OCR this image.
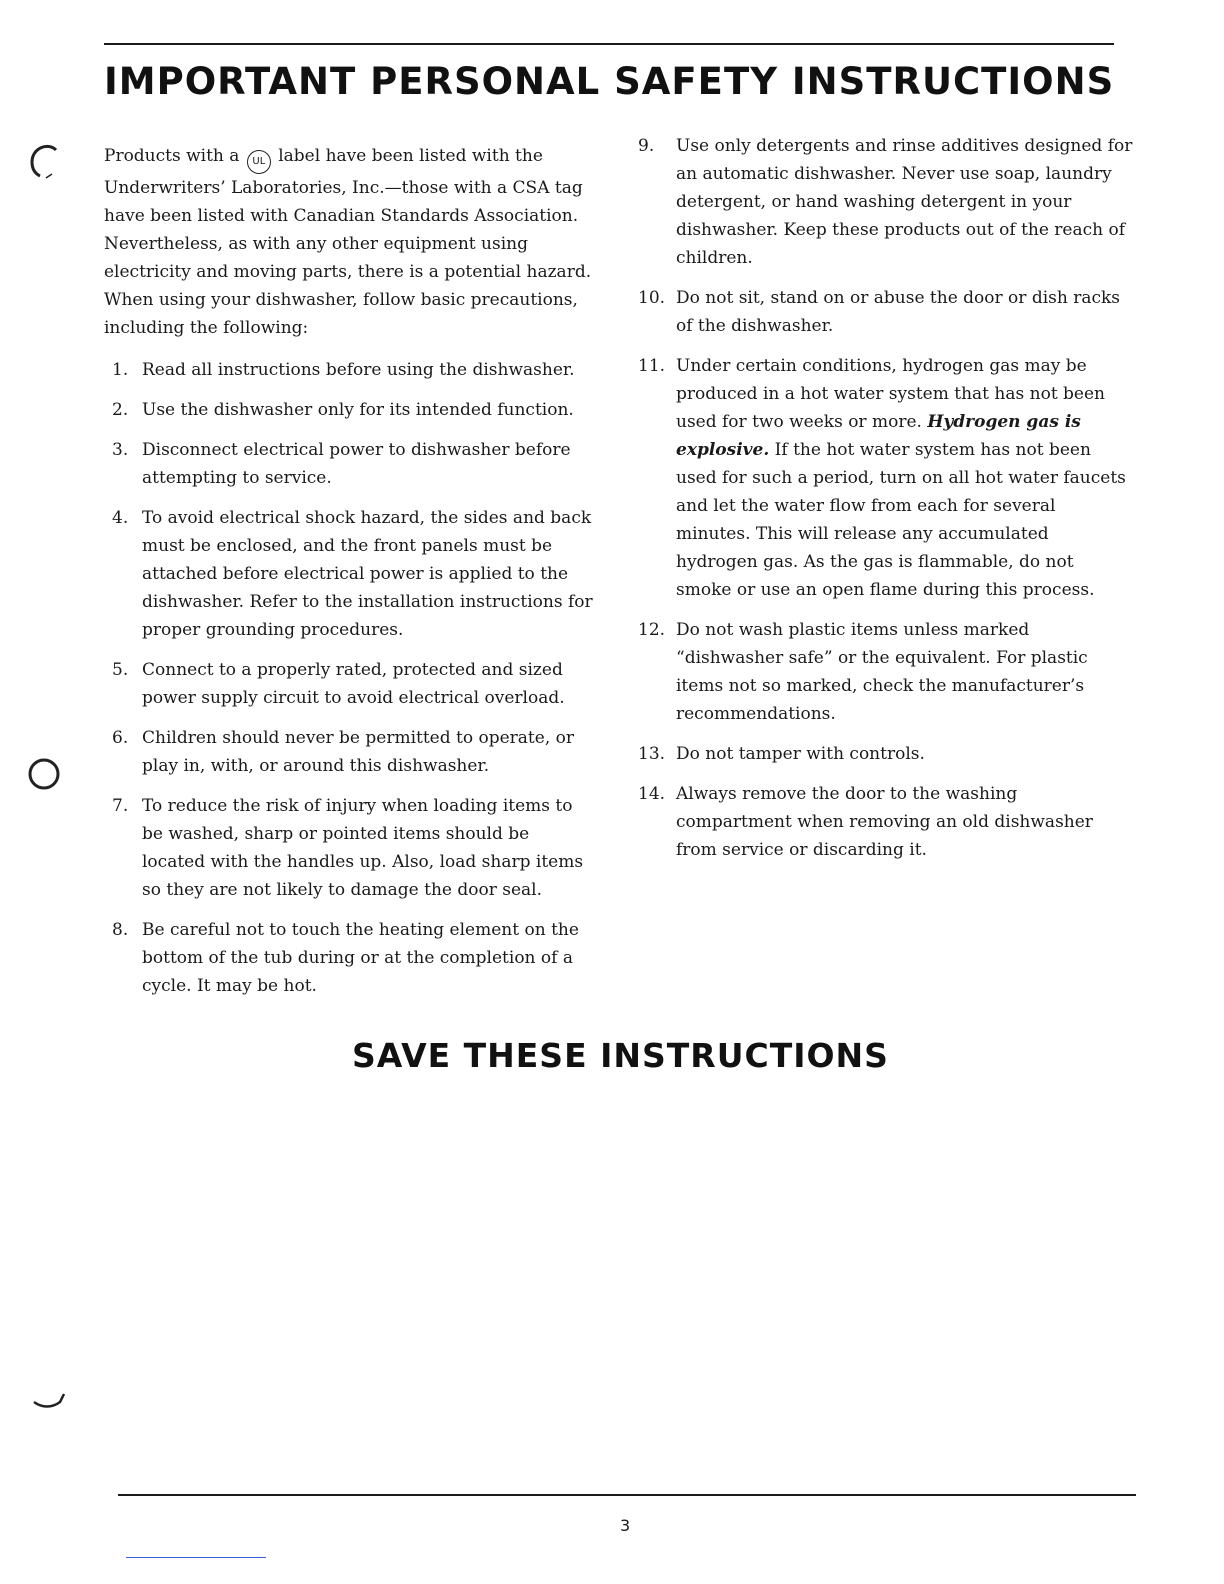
IMPORTANT PERSONAL SAFETY INSTRUCTIONS

Products with a UL label have been listed with the Underwriters’ Laboratories, Inc.—those with a CSA tag have been listed with Canadian Standards Association. Nevertheless, as with any other equipment using electricity and moving parts, there is a potential hazard. When using your dishwasher, follow basic precautions, including the following:

1. Read all instructions before using the dishwasher.
2. Use the dishwasher only for its intended function.
3. Disconnect electrical power to dishwasher before attempting to service.
4. To avoid electrical shock hazard, the sides and back must be enclosed, and the front panels must be attached before electrical power is applied to the dishwasher. Refer to the installation instructions for proper grounding procedures.
5. Connect to a properly rated, protected and sized power supply circuit to avoid electrical overload.
6. Children should never be permitted to operate, or play in, with, or around this dishwasher.
7. To reduce the risk of injury when loading items to be washed, sharp or pointed items should be located with the handles up. Also, load sharp items so they are not likely to damage the door seal.
8. Be careful not to touch the heating element on the bottom of the tub during or at the completion of a cycle. It may be hot.
9. Use only detergents and rinse additives designed for an automatic dishwasher. Never use soap, laundry detergent, or hand washing detergent in your dishwasher. Keep these products out of the reach of children.
10. Do not sit, stand on or abuse the door or dish racks of the dishwasher.
11. Under certain conditions, hydrogen gas may be produced in a hot water system that has not been used for two weeks or more. Hydrogen gas is explosive. If the hot water system has not been used for such a period, turn on all hot water faucets and let the water flow from each for several minutes. This will release any accumulated hydrogen gas. As the gas is flammable, do not smoke or use an open flame during this process.
12. Do not wash plastic items unless marked “dishwasher safe” or the equivalent. For plastic items not so marked, check the manufacturer’s recommendations.
13. Do not tamper with controls.
14. Always remove the door to the washing compartment when removing an old dishwasher from service or discarding it.
SAVE THESE INSTRUCTIONS
3
